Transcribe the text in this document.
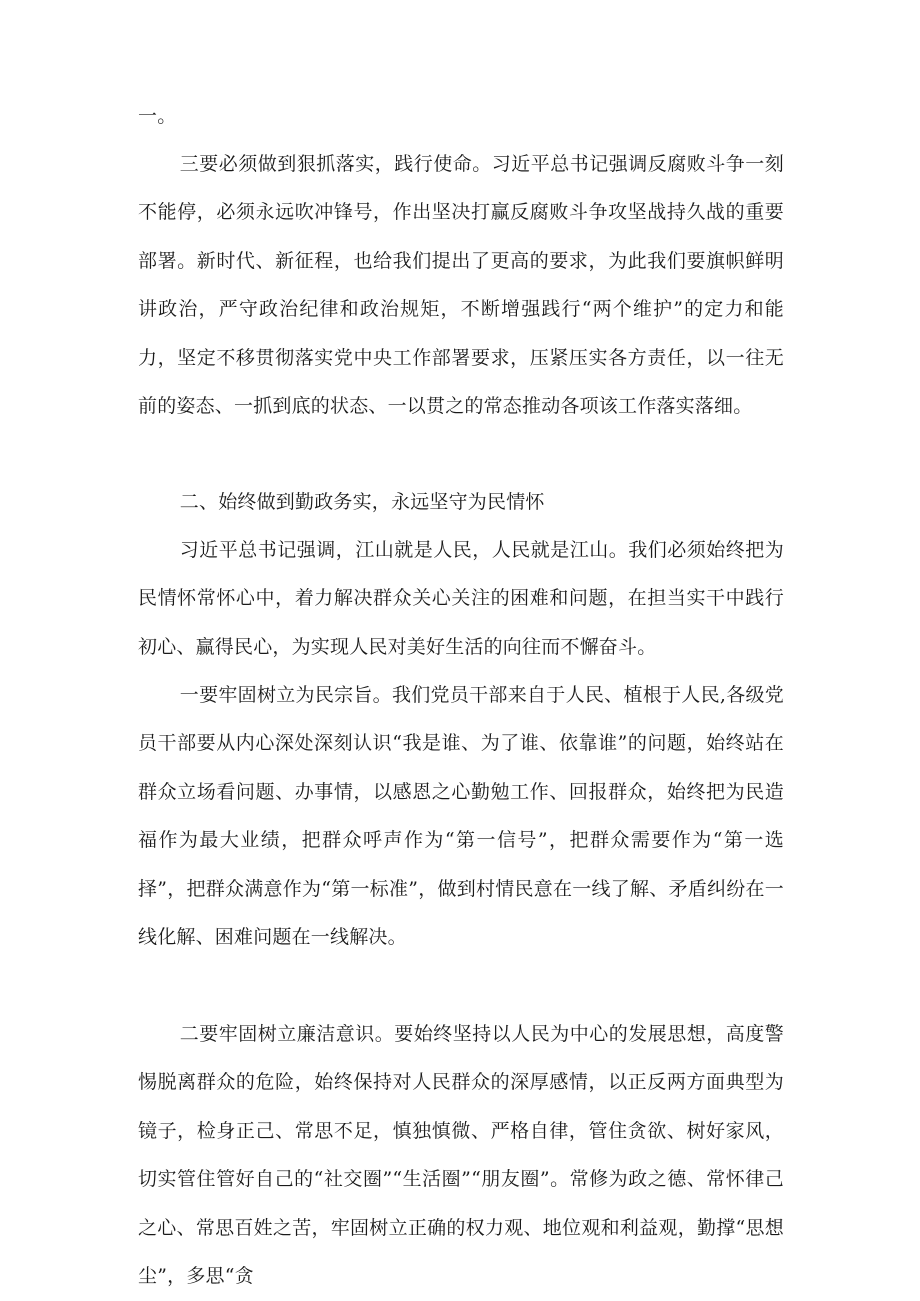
一。

三要必须做到狠抓落实，践行使命。习近平总书记强调反腐败斗争一刻不能停，必须永远吹冲锋号，作出坚决打赢反腐败斗争攻坚战持久战的重要部署。新时代、新征程，也给我们提出了更高的要求，为此我们要旗帜鲜明讲政治，严守政治纪律和政治规矩，不断增强践行“两个维护”的定力和能力，坚定不移贯彻落实党中央工作部署要求，压紧压实各方责任，以一往无前的姿态、一抓到底的状态、一以贯之的常态推动各项该工作落实落细。

二、始终做到勤政务实，永远坚守为民情怀

习近平总书记强调，江山就是人民，人民就是江山。我们必须始终把为民情怀常怀心中，着力解决群众关心关注的困难和问题，在担当实干中践行初心、赢得民心，为实现人民对美好生活的向往而不懈奋斗。

一要牢固树立为民宗旨。我们党员干部来自于人民、植根于人民,各级党员干部要从内心深处深刻认识“我是谁、为了谁、依靠谁”的问题，始终站在群众立场看问题、办事情，以感恩之心勤勉工作、回报群众，始终把为民造福作为最大业绩，把群众呼声作为“第一信号”，把群众需要作为“第一选择”，把群众满意作为“第一标准”，做到村情民意在一线了解、矛盾纠纷在一线化解、困难问题在一线解决。

二要牢固树立廉洁意识。要始终坚持以人民为中心的发展思想，高度警惕脱离群众的危险，始终保持对人民群众的深厚感情，以正反两方面典型为镜子，检身正己、常思不足，慎独慎微、严格自律，管住贪欲、树好家风，切实管住管好自己的“社交圈”“生活圈”“朋友圈”。常修为政之德、常怀律己之心、常思百姓之苦，牢固树立正确的权力观、地位观和利益观，勤撑“思想尘”，多思“贪
